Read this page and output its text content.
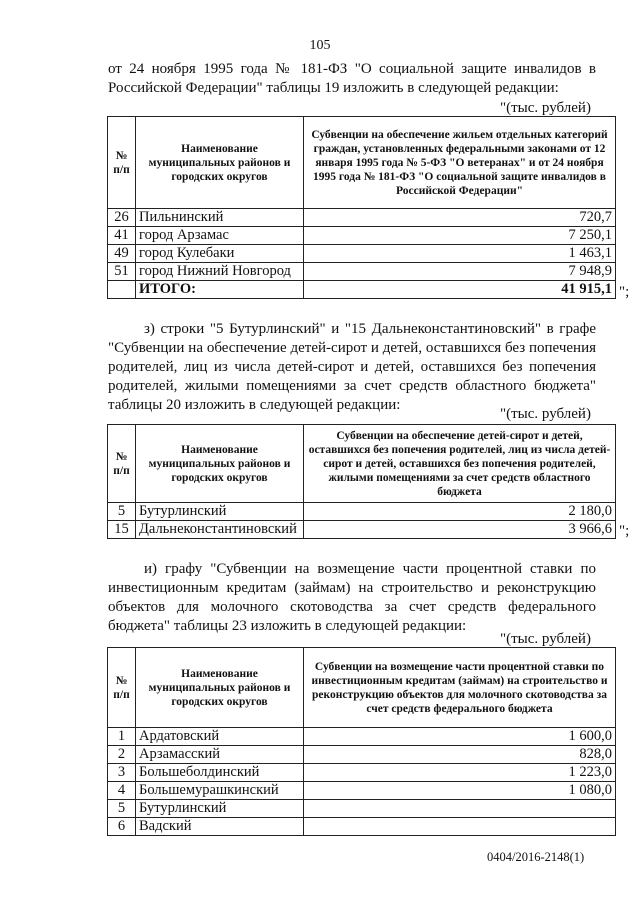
105

от 24 ноября 1995 года № 181-ФЗ "О социальной защите инвалидов в Российской Федерации" таблицы 19 изложить в следующей редакции:

"(тыс. рублей)
№ п/п	Наименование муниципальных районов и городских округов	Субвенции на обеспечение жильем отдельных категорий граждан, установленных федеральными законами от 12 января 1995 года № 5-ФЗ "О ветеранах" и от 24 ноября 1995 года № 181-ФЗ "О социальной защите инвалидов в Российской Федерации"
26	Пильнинский	720,7
41	город Арзамас	7 250,1
49	город Кулебаки	1 463,1
51	город Нижний Новгород	7 948,9
	ИТОГО:	41 915,1 ";

з) строки "5 Бутурлинский" и "15 Дальнеконстантиновский" в графе "Субвенции на обеспечение детей-сирот и детей, оставшихся без попечения родителей, лиц из числа детей-сирот и детей, оставшихся без попечения родителей, жилыми помещениями за счет средств областного бюджета" таблицы 20 изложить в следующей редакции:

"(тыс. рублей)
№ п/п	Наименование муниципальных районов и городских округов	Субвенции на обеспечение детей-сирот и детей, оставшихся без попечения родителей, лиц из числа детей-сирот и детей, оставшихся без попечения родителей, жилыми помещениями за счет средств областного бюджета
5	Бутурлинский	2 180,0
15	Дальнеконстантиновский	3 966,6 ";

и) графу "Субвенции на возмещение части процентной ставки по инвестиционным кредитам (займам) на строительство и реконструкцию объектов для молочного скотоводства за счет средств федерального бюджета" таблицы 23 изложить в следующей редакции:

"(тыс. рублей)
№ п/п	Наименование муниципальных районов и городских округов	Субвенции на возмещение части процентной ставки по инвестиционным кредитам (займам) на строительство и реконструкцию объектов для молочного скотоводства за счет средств федерального бюджета
1	Ардатовский	1 600,0
2	Арзамасский	828,0
3	Большеболдинский	1 223,0
4	Большемурашкинский	1 080,0
5	Бутурлинский	
6	Вадский	
0404/2016-2148(1)
